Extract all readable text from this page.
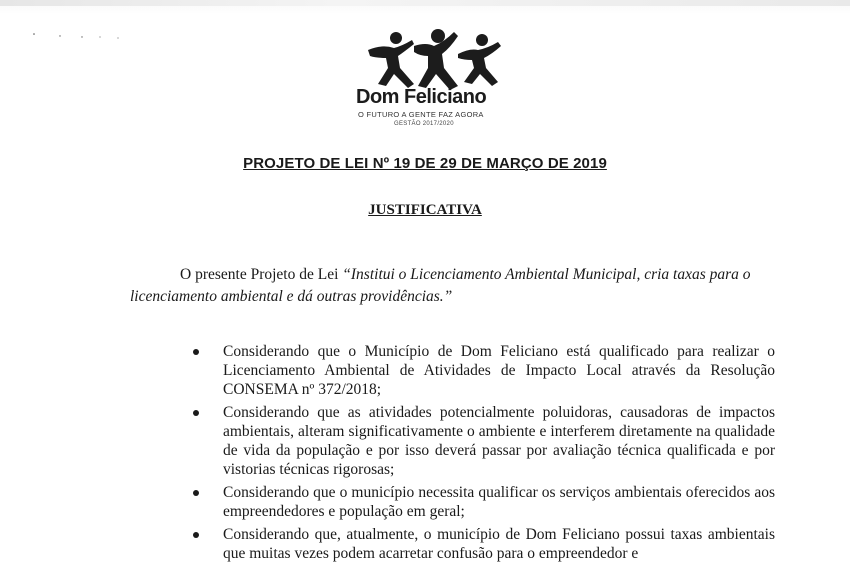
Dom Feliciano
O FUTURO A GENTE FAZ AGORA
GESTÃO 2017/2020
PROJETO DE LEI Nº 19 DE 29 DE MARÇO DE 2019
JUSTIFICATIVA
O presente Projeto de Lei “Institui o Licenciamento Ambiental Municipal, cria taxas para o licenciamento ambiental e dá outras providências.”
Considerando que o Município de Dom Feliciano está qualificado para realizar o Licenciamento Ambiental de Atividades de Impacto Local através da Resolução CONSEMA nº 372/2018;
Considerando que as atividades potencialmente poluidoras, causadoras de impactos ambientais, alteram significativamente o ambiente e interferem diretamente na qualidade de vida da população e por isso deverá passar por avaliação técnica qualificada e por vistorias técnicas rigorosas;
Considerando que o município necessita qualificar os serviços ambientais oferecidos aos empreendedores e população em geral;
Considerando que, atualmente, o município de Dom Feliciano possui taxas ambientais que muitas vezes podem acarretar confusão para o empreendedor e
